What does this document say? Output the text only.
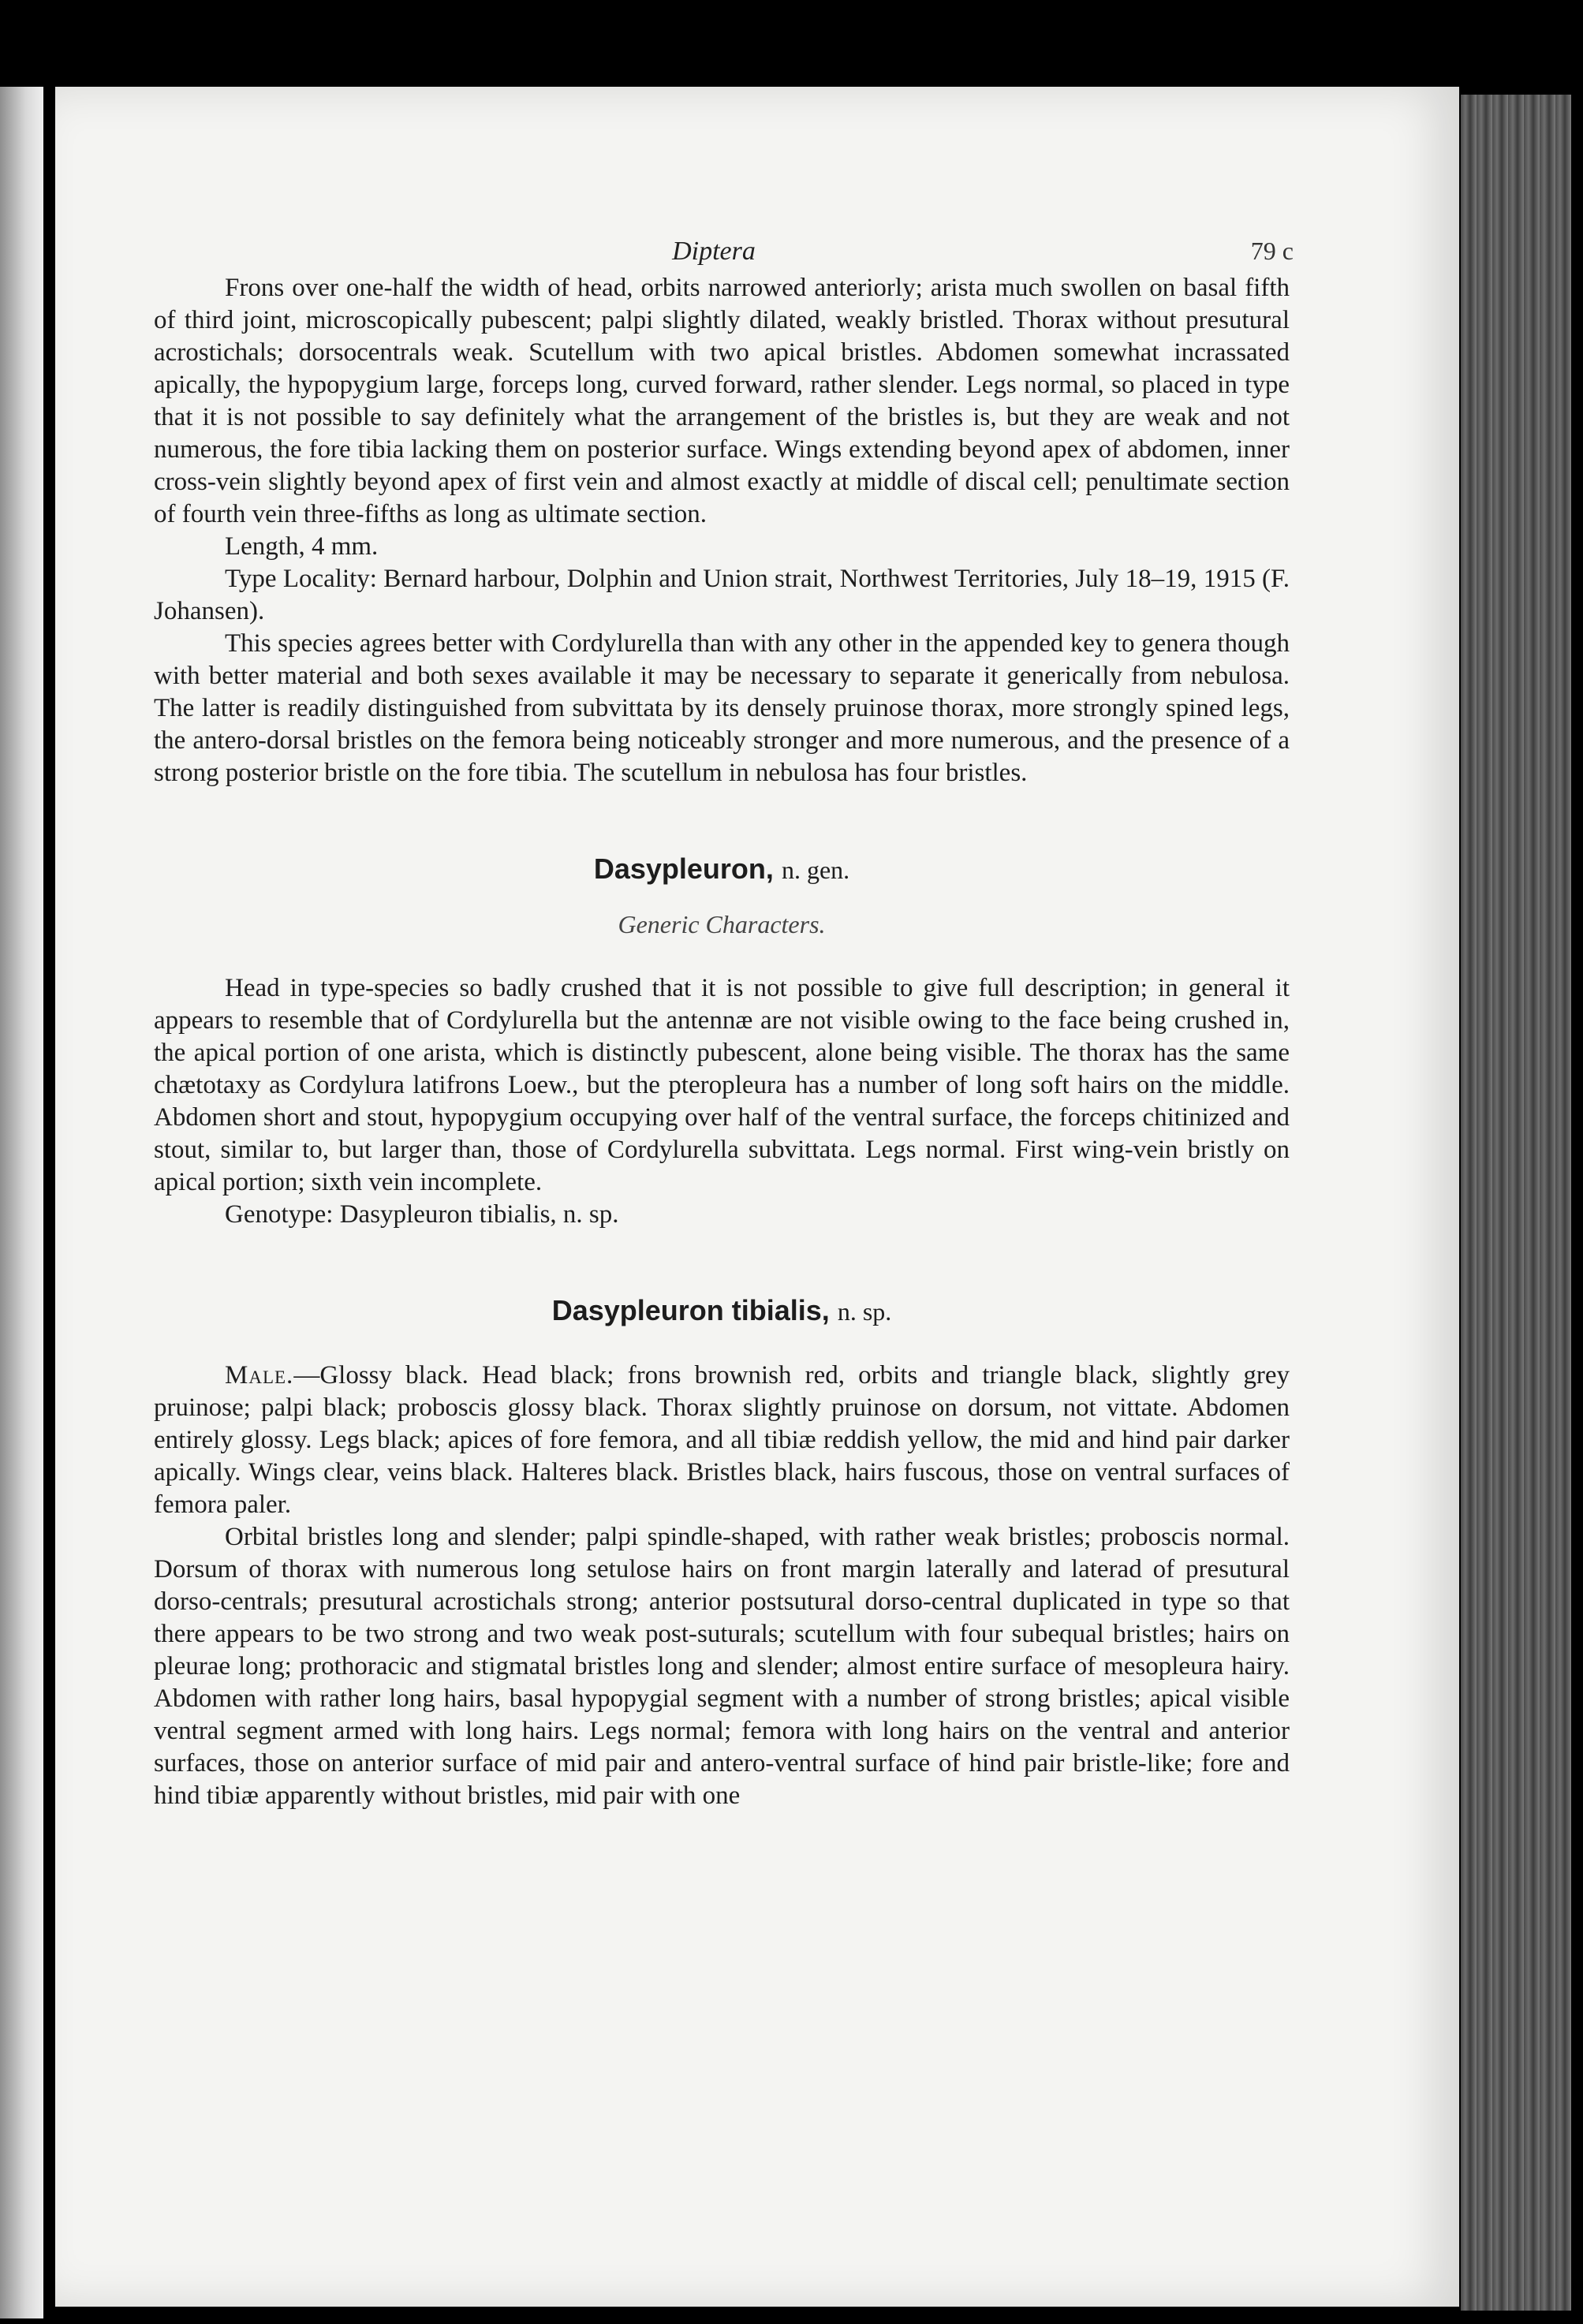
Diptera	79 c

Frons over one-half the width of head, orbits narrowed anteriorly; arista much swollen on basal fifth of third joint, microscopically pubescent; palpi slightly dilated, weakly bristled. Thorax without presutural acrostichals; dorsocentrals weak. Scutellum with two apical bristles. Abdomen somewhat incrassated apically, the hypopygium large, forceps long, curved forward, rather slender. Legs normal, so placed in type that it is not possible to say definitely what the arrangement of the bristles is, but they are weak and not numerous, the fore tibia lacking them on posterior surface. Wings extending beyond apex of abdomen, inner cross-vein slightly beyond apex of first vein and almost exactly at middle of discal cell; penultimate section of fourth vein three-fifths as long as ultimate section.

Length, 4 mm.

Type Locality: Bernard harbour, Dolphin and Union strait, Northwest Territories, July 18–19, 1915 (F. Johansen).

This species agrees better with Cordylurella than with any other in the appended key to genera though with better material and both sexes available it may be necessary to separate it generically from nebulosa. The latter is readily distinguished from subvittata by its densely pruinose thorax, more strongly spined legs, the antero-dorsal bristles on the femora being noticeably stronger and more numerous, and the presence of a strong posterior bristle on the fore tibia. The scutellum in nebulosa has four bristles.

Dasypleuron, n. gen.
Generic Characters.

Head in type-species so badly crushed that it is not possible to give full description; in general it appears to resemble that of Cordylurella but the antennæ are not visible owing to the face being crushed in, the apical portion of one arista, which is distinctly pubescent, alone being visible. The thorax has the same chætotaxy as Cordylura latifrons Loew., but the pteropleura has a number of long soft hairs on the middle. Abdomen short and stout, hypopygium occupying over half of the ventral surface, the forceps chitinized and stout, similar to, but larger than, those of Cordylurella subvittata. Legs normal. First wing-vein bristly on apical portion; sixth vein incomplete.

Genotype: Dasypleuron tibialis, n. sp.

Dasypleuron tibialis, n. sp.

Male.—Glossy black. Head black; frons brownish red, orbits and triangle black, slightly grey pruinose; palpi black; proboscis glossy black. Thorax slightly pruinose on dorsum, not vittate. Abdomen entirely glossy. Legs black; apices of fore femora, and all tibiæ reddish yellow, the mid and hind pair darker apically. Wings clear, veins black. Halteres black. Bristles black, hairs fuscous, those on ventral surfaces of femora paler.

Orbital bristles long and slender; palpi spindle-shaped, with rather weak bristles; proboscis normal. Dorsum of thorax with numerous long setulose hairs on front margin laterally and laterad of presutural dorso-centrals; presutural acrostichals strong; anterior postsutural dorso-central duplicated in type so that there appears to be two strong and two weak post-suturals; scutellum with four subequal bristles; hairs on pleurae long; prothoracic and stigmatal bristles long and slender; almost entire surface of mesopleura hairy. Abdomen with rather long hairs, basal hypopygial segment with a number of strong bristles; apical visible ventral segment armed with long hairs. Legs normal; femora with long hairs on the ventral and anterior surfaces, those on anterior surface of mid pair and antero-ventral surface of hind pair bristle-like; fore and hind tibiæ apparently without bristles, mid pair with one
